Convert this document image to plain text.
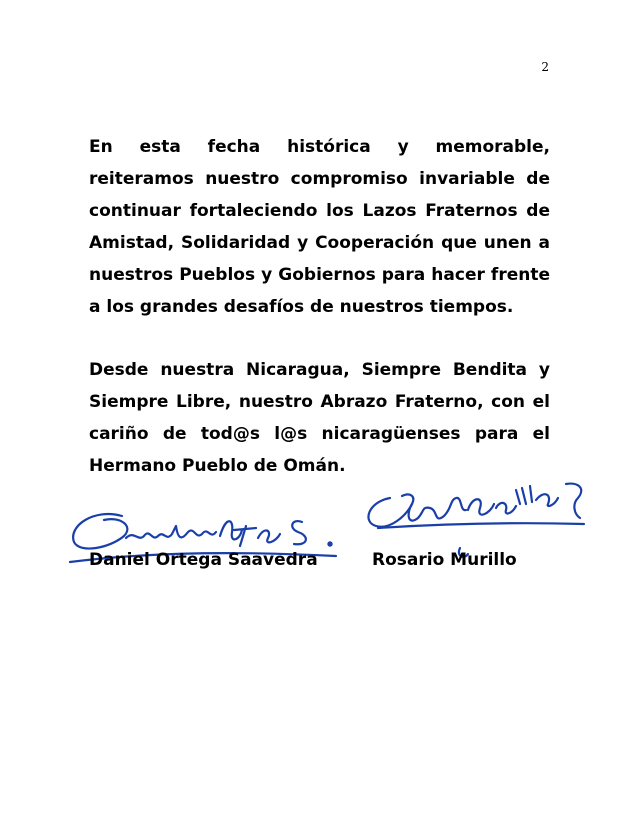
2

En esta fecha histórica y memorable, reiteramos nuestro compromiso invariable de continuar fortaleciendo los Lazos Fraternos de Amistad, Solidaridad y Cooperación que unen a nuestros Pueblos y Gobiernos para hacer frente a los grandes desafíos de nuestros tiempos.

Desde nuestra Nicaragua, Siempre Bendita y Siempre Libre, nuestro Abrazo Fraterno, con el cariño de tod@s l@s nicaragüenses para el Hermano Pueblo de Omán.

Daniel Ortega Saavedra	Rosario Murillo
